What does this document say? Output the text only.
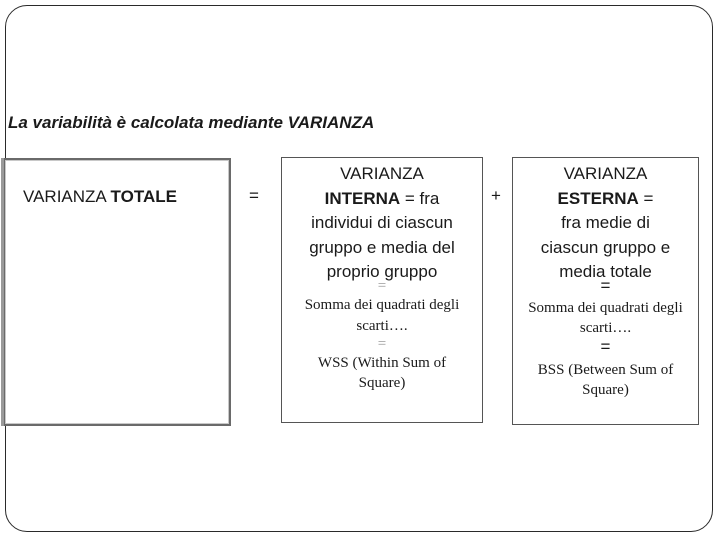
La variabilità è calcolata mediante VARIANZA
VARIANZA TOTALE	=
VARIANZA
INTERNA = fra
individui di ciascun
gruppo e media del
proprio gruppo
=
Somma dei quadrati degli
scarti….
=
WSS (Within Sum of
Square)
+
VARIANZA
ESTERNA =
fra medie di
ciascun gruppo e
media totale
=
Somma dei quadrati degli
scarti….
=
BSS (Between Sum of
Square)
